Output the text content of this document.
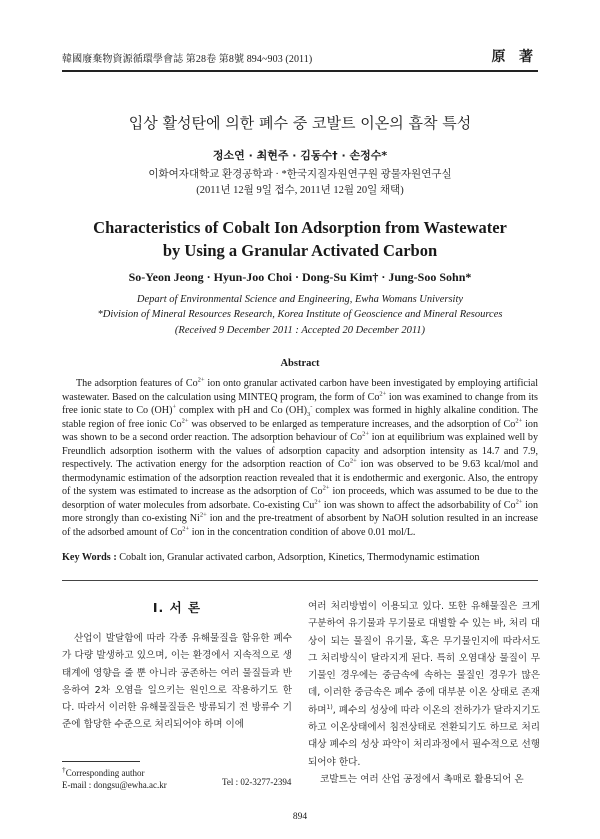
韓國廢棄物資源循環學會誌 第28卷 第8號 894~903 (2011)	原 著
입상 활성탄에 의한 폐수 중 코발트 이온의 흡착 특성
정소연 · 최현주 · 김동수† · 손정수*
이화여자대학교 환경공학과 · *한국지질자원연구원 광물자원연구실
(2011년 12월 9일 접수, 2011년 12월 20일 채택)
Characteristics of Cobalt Ion Adsorption from Wastewater
by Using a Granular Activated Carbon
So-Yeon Jeong · Hyun-Joo Choi · Dong-Su Kim† · Jung-Soo Sohn*
Depart of Environmental Science and Engineering, Ewha Womans University
*Division of Mineral Resources Research, Korea Institute of Geoscience and Mineral Resources
(Received 9 December 2011 : Accepted 20 December 2011)
Abstract

The adsorption features of $Co^{2+}$ ion onto granular activated carbon have been investigated by employing artificial wastewater. Based on the calculation using MINTEQ program, the form of $Co^{2+}$ ion was examined to change from its free ionic state to Co (OH)+ complex with pH and Co $(OH)_3^-$ complex was formed in highly alkaline condition. The stable region of free ionic $Co^{2+}$ was observed to be enlarged as temperature increases, and the adsorption of $Co^{2+}$ ion was shown to be a second order reaction. The adsorption behaviour of $Co^{2+}$ ion at equilibrium was explained well by Freundlich adsorption isotherm with the values of adsorption capacity and adsorption intensity as 14.7 and 7.9, respectively. The activation energy for the adsorption reaction of $Co^{2+}$ ion was observed to be 9.63 kcal/mol and thermodynamic estimation of the adsorption reaction revealed that it is endothermic and exergonic. Also, the entropy of the system was estimated to increase as the adsorption of $Co^{2+}$ ion proceeds, which was assumed to be due to the desorption of water molecules from adsorbate. Co-existing $Cu^{2+}$ ion was shown to affect the adsorbability of $Co^{2+}$ ion more strongly than co-existing $Ni^{2+}$ ion and the pre-treatment of absorbent by NaOH solution resulted in an increase of the adsorbed amount of $Co^{2+}$ ion in the concentration condition of above 0.01 mol/L.

Key Words : Cobalt ion, Granular activated carbon, Adsorption, Kinetics, Thermodynamic estimation
I. 서 론

산업이 발달함에 따라 각종 유해물질을 함유한 폐수가 다량 발생하고 있으며, 이는 환경에서 지속적으로 생태계에 영향을 줄 뿐 아니라 공존하는 여러 물질들과 반응하여 2차 오염을 일으키는 원인으로 작용하기도 한다. 따라서 이러한 유해물질들은 방류되기 전 방류수 기준에 합당한 수준으로 처리되어야 하며 이에

여러 처리방법이 이용되고 있다. 또한 유해물질은 크게 구분하여 유기물과 무기물로 대별할 수 있는 바, 처리 대상이 되는 물질이 유기물, 혹은 무기물인지에 따라서도 그 처리방식이 달라지게 된다. 특히 오염대상 물질이 무기물인 경우에는 중금속에 속하는 물질인 경우가 많은데, 이러한 중금속은 폐수 중에 대부분 이온 상태로 존재하며$^{1)}$, 폐수의 성상에 따라 이온의 전하가가 달라지기도 하고 이온상태에서 침전상태로 전환되기도 하므로 처리 대상 폐수의 성상 파악이 처리과정에서 필수적으로 선행되어야 한다.

코발트는 여러 산업 공정에서 촉매로 활용되어 온

†Corresponding author
E-mail : dongsu@ewha.ac.kr	Tel : 02-3277-2394
894
